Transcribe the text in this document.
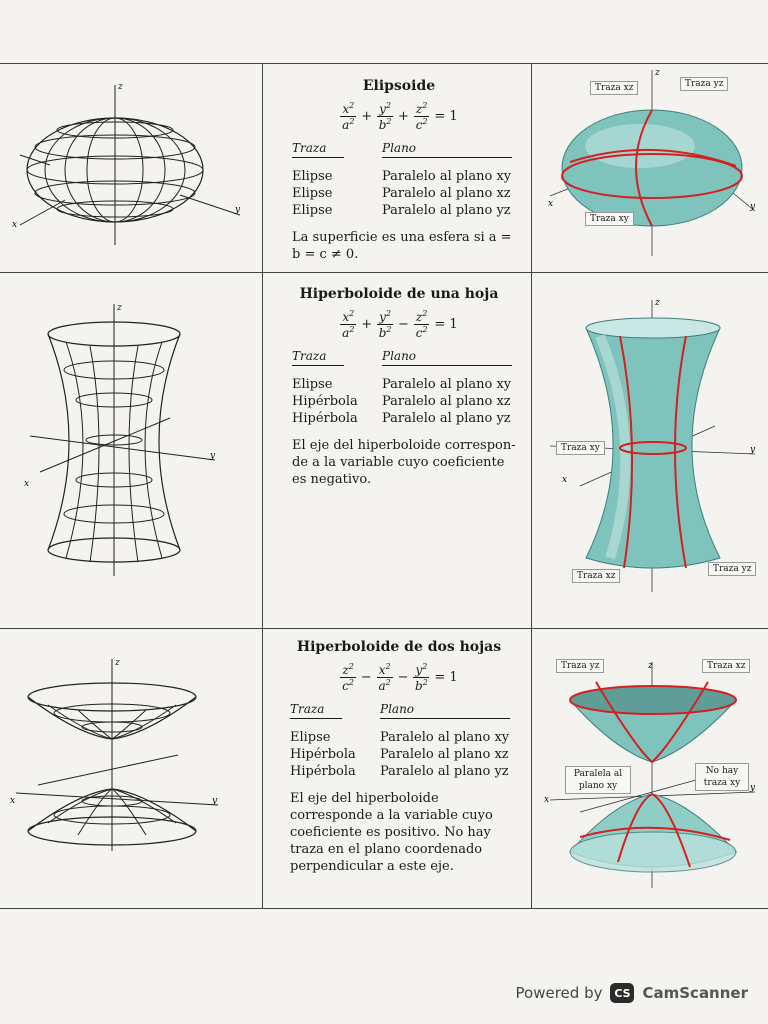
z
y
x

Elipsoide

$\frac{x^2}{a^2} + \frac{y^2}{b^2} + \frac{z^2}{c^2} = 1$
Traza	Plano
Elipse	Paralelo al plano xy
Elipse	Paralelo al plano xz
Elipse	Paralelo al plano yz
La superficie es una esfera si a = b = c ≠ 0.
z
y
x
Traza xz	Traza yz
Traza xy
z
y
x

Hiperboloide de una hoja

$\frac{x^2}{a^2} + \frac{y^2}{b^2} - \frac{z^2}{c^2} = 1$
Traza	Plano
Elipse	Paralelo al plano xy
Hipérbola	Paralelo al plano xz
Hipérbola	Paralelo al plano yz
El eje del hiperboloide corresponde a la variable cuyo coeficiente es negativo.
z
y
x
Traza xy
Traza xz
Traza yz
z
y
x

Hiperboloide de dos hojas

$\frac{z^2}{c^2} - \frac{x^2}{a^2} - \frac{y^2}{b^2} = 1$
Traza	Plano
Elipse	Paralelo al plano xy
Hipérbola	Paralelo al plano xz
Hipérbola	Paralelo al plano yz
El eje del hiperboloide corresponde a la variable cuyo coeficiente es positivo. No hay traza en el plano coordenado perpendicular a este eje.
z
y
x
Traza yz	Traza xz
Paralela al plano xy
No hay traza xy
Powered by	CS CamScanner
